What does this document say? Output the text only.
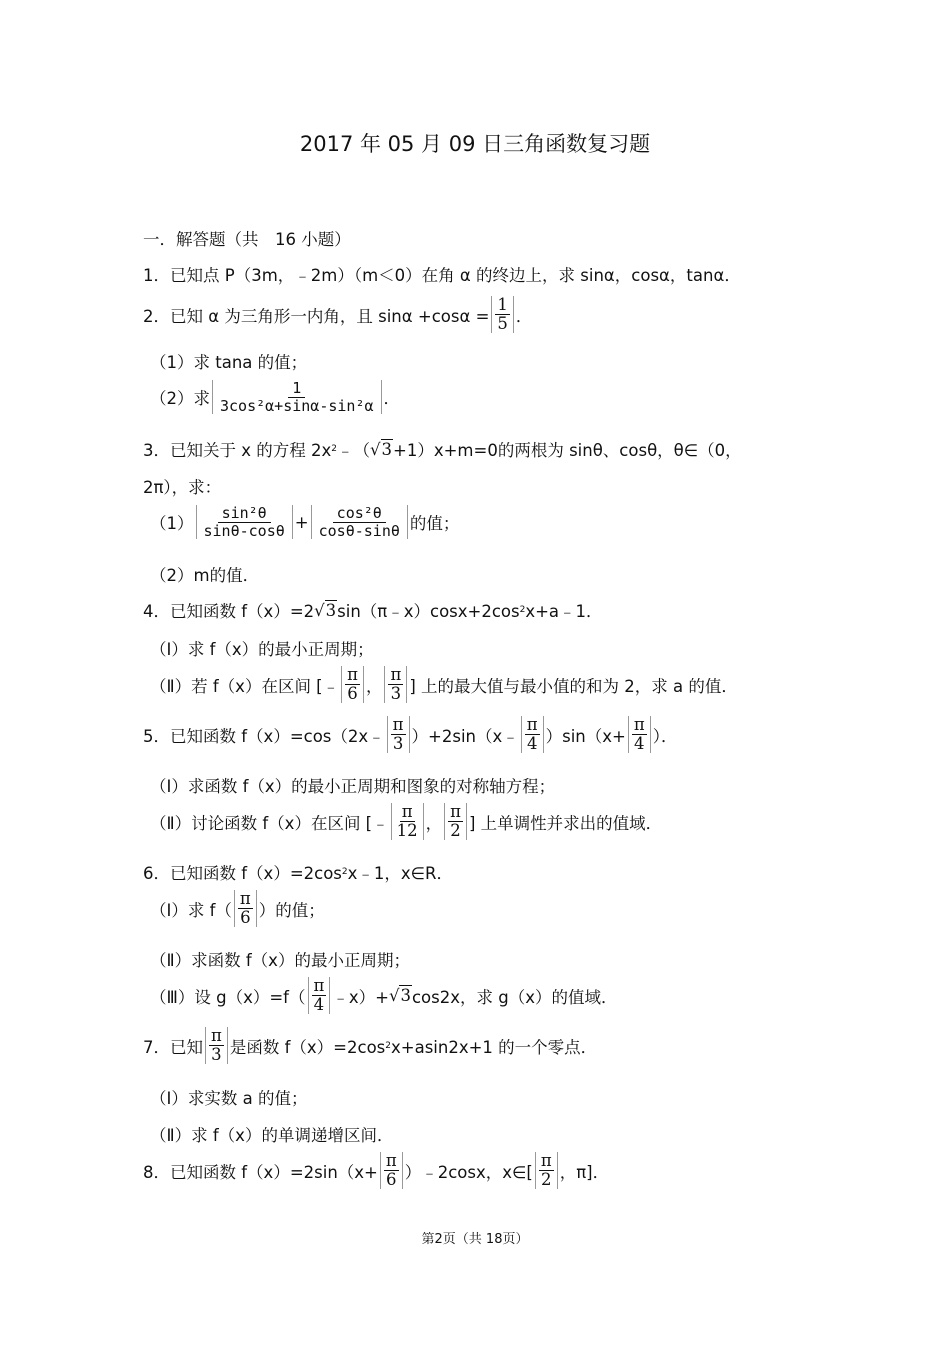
2017 年 05 月 09 日三角函数复习题
一．解答题（共　16 小题）
1．已知点 P（3m，﹣2m）（m＜0）在角 α 的终边上，求 sinα，cosα，tanα．
2．已知 α 为三角形一内角，且 $\sin\alpha +\cos\alpha = \frac{1}{5}$ ．
（1）求 tana 的值；
（2）求 $\frac{1}{\text{3cos²α+sinα-sin²α}}$ ．
3．已知关于 x 的方程 2x 2 ﹣（ √3 +1）x+m=0的两根为 sinθ、cosθ，θ∈（0，
2π），求：
$(1) \frac{\text{sin²θ}}{\sin\theta-\cos\theta} + \frac{\text{cos²θ}}{\cos\theta-\sin\theta}$ 的值；
（2）m的值．
4．已知函数 f（x）=2 √3 sin（π﹣x）cosx+2cos 2 x+a﹣1．
（Ⅰ）求 f（x）的最小正周期；
（Ⅱ）若 f（x）在区间 [﹣ $\frac{\pi}{6}$ ， $\frac{\pi}{3}$ ] 上的最大值与最小值的和为 2，求 a 的值．
5．已知函数 f（x）=cos（2x﹣ $\frac{\pi}{3}$ ）+2sin（x﹣ $\frac{\pi}{4} )\sin(x+ \frac{\pi}{4}$ ）．
（Ⅰ）求函数 f（x）的最小正周期和图象的对称轴方程；
（Ⅱ）讨论函数 f（x）在区间 [﹣ $\frac{\pi}{12}$ ， $\frac{\pi}{2}$ ] 上单调性并求出的值域．
6．已知函数 f（x）=2cos 2 x﹣1，x∈R．
（Ⅰ）求 $f( \frac{\pi}{6}$ ）的值；
（Ⅱ）求函数 f（x）的最小正周期；
（Ⅲ）设 $g(x)=f( \frac{\pi}{4}$ ﹣x）+ √3 cos2x，求 g（x）的值域．
7．已知 $\frac{\pi}{3}$ 是函数 f（x）=2cos 2 x+asin2x+1 的一个零点．
（Ⅰ）求实数 a 的值；
（Ⅱ）求 f（x）的单调递增区间．
8．已知函数 $f(x)=2\sin(x+ \frac{\pi}{6}$ ）﹣2cosx，x∈[ $\frac{\pi}{2}$ ，π]．
第2页（共 18页）
